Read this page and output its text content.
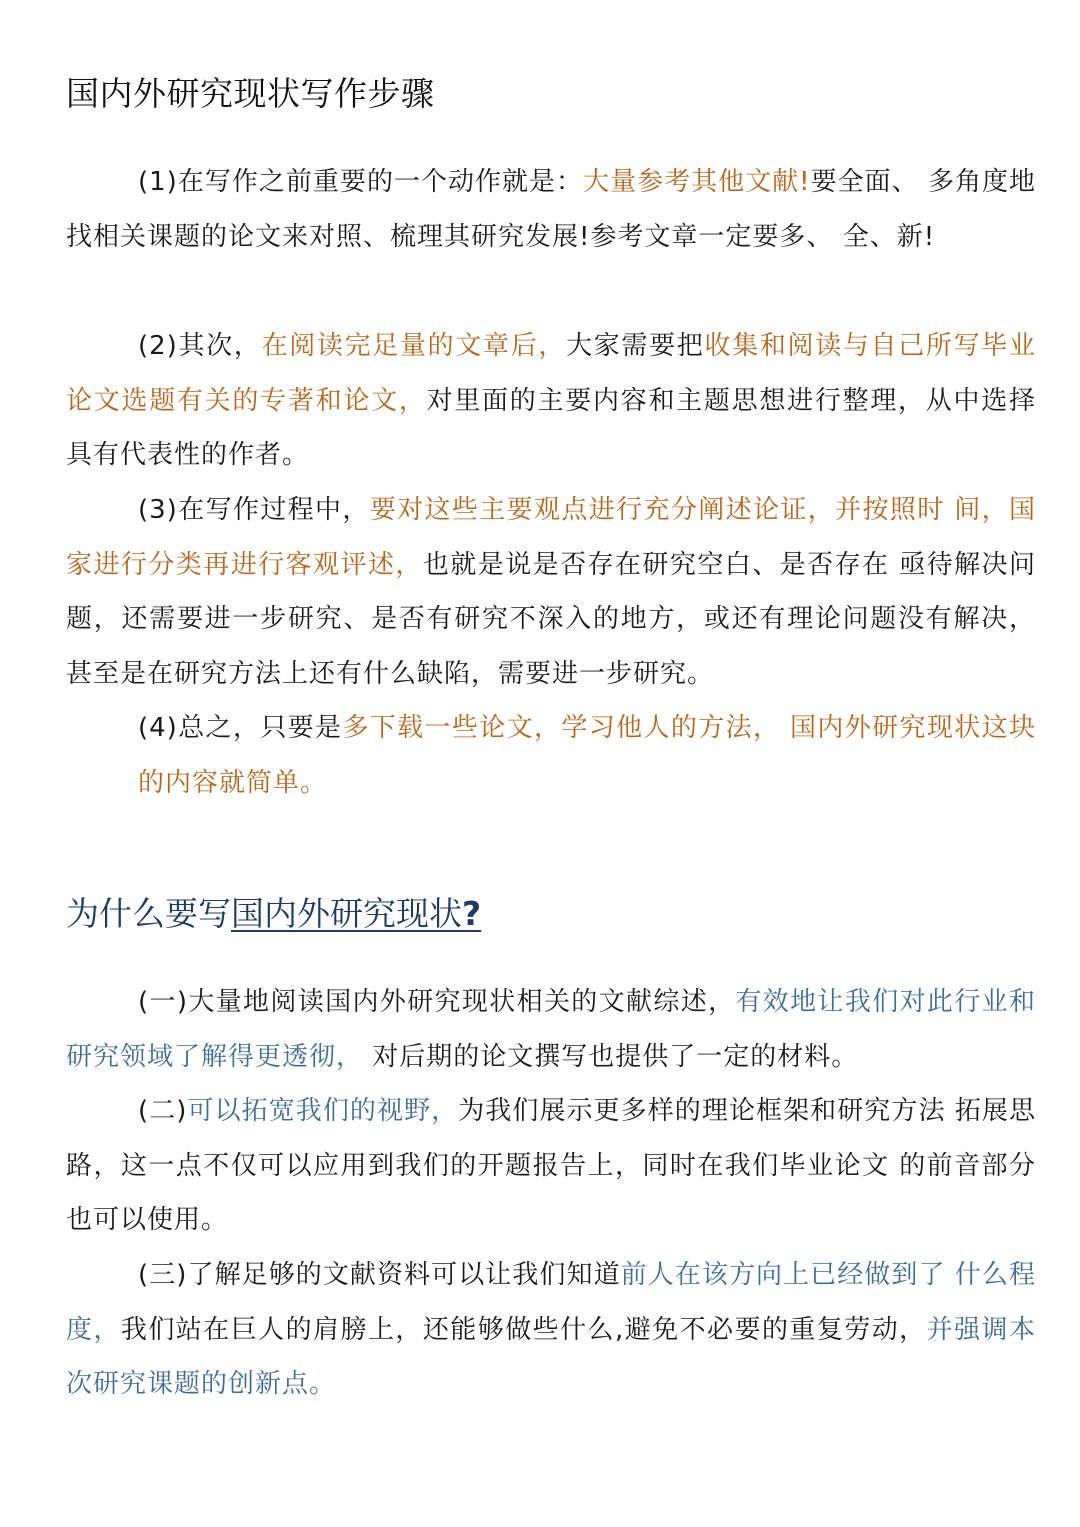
国内外研究现状写作步骤
(1)在写作之前重要的一个动作就是：大量参考其他文献!要全面、 多角度地找相关课题的论文来对照、梳理其研究发展!参考文章一定要多、 全、新!
(2)其次，在阅读完足量的文章后，大家需要把收集和阅读与自己所写毕业论文选题有关的专著和论文，对里面的主要内容和主题思想进行整理，从中选择具有代表性的作者。
(3)在写作过程中，要对这些主要观点进行充分阐述论证，并按照时 间，国家进行分类再进行客观评述，也就是说是否存在研究空白、是否存在 亟待解决问题，还需要进一步研究、是否有研究不深入的地方，或还有理论问题没有解决，甚至是在研究方法上还有什么缺陷，需要进一步研究。
(4)总之，只要是多下载一些论文，学习他人的方法， 国内外研究现状这块的内容就简单。
为什么要写国内外研究现状?
(一)大量地阅读国内外研究现状相关的文献综述，有效地让我们对此行业和研究领域了解得更透彻， 对后期的论文撰写也提供了一定的材料。
(二)可以拓宽我们的视野，为我们展示更多样的理论框架和研究方法 拓展思路，这一点不仅可以应用到我们的开题报告上，同时在我们毕业论文 的前音部分也可以使用。
(三)了解足够的文献资料可以让我们知道前人在该方向上已经做到了 什么程度，我们站在巨人的肩膀上，还能够做些什么,避免不必要的重复劳动，并强调本次研究课题的创新点。
